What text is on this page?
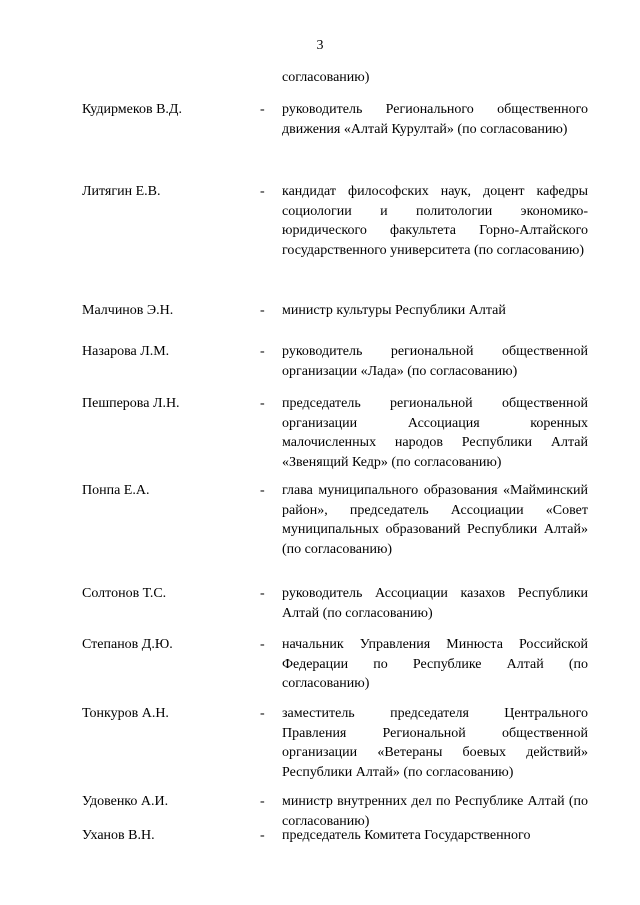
3
согласованию)
Кудирмеков В.Д.	- руководитель Регионального общественного движения «Алтай Курултай» (по согласованию)
Литягин Е.В.	- кандидат философских наук, доцент кафедры социологии и политологии экономико-юридического факультета Горно-Алтайского государственного университета (по согласованию)
Малчинов Э.Н.	- министр культуры Республики Алтай
Назарова Л.М.	- руководитель региональной общественной организации «Лада» (по согласованию)
Пешперова Л.Н.	- председатель региональной общественной организации Ассоциация коренных малочисленных народов Республики Алтай «Звенящий Кедр» (по согласованию)
Понпа Е.А.	- глава муниципального образования «Майминский район», председатель Ассоциации «Совет муниципальных образований Республики Алтай» (по согласованию)
Солтонов Т.С.	- руководитель Ассоциации казахов Республики Алтай (по согласованию)
Степанов Д.Ю.	- начальник Управления Минюста Российской Федерации по Республике Алтай (по согласованию)
Тонкуров А.Н.	- заместитель председателя Центрального Правления Региональной общественной организации «Ветераны боевых действий» Республики Алтай» (по согласованию)
Удовенко А.И.	- министр внутренних дел по Республике Алтай (по согласованию)
Уханов В.Н.	- председатель Комитета Государственного
